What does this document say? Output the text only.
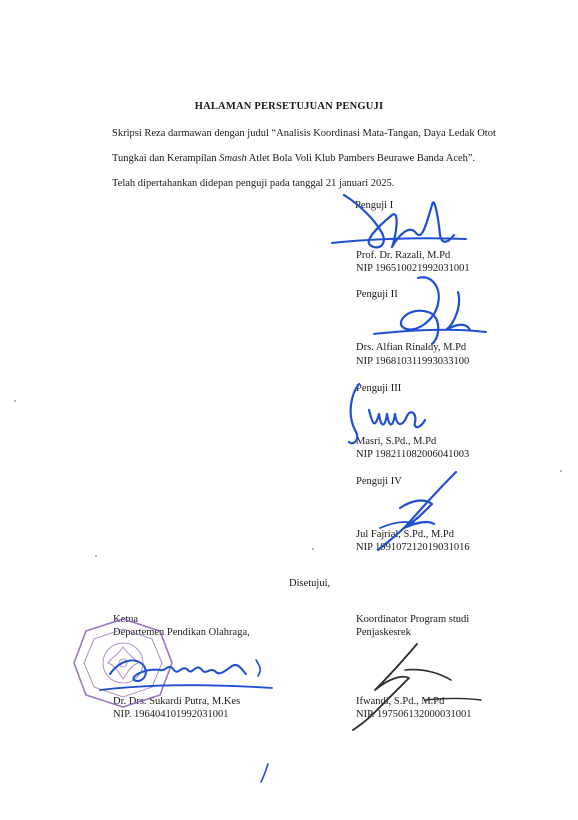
HALAMAN PERSETUJUAN PENGUJI
Skripsi Reza darmawan dengan judul “Analisis Koordinasi Mata-Tangan, Daya Ledak Otot
Tungkai dan Kerampilan Smash Atlet Bola Voli Klub Pambers Beurawe Banda Aceh”.
Telah dipertahankan didepan penguji pada tanggal 21 januari 2025.
Penguji I
Prof. Dr. Razali, M.Pd
NIP 196510021992031001
Penguji II
Drs. Alfian Rinaldy, M.Pd
NIP 196810311993033100
Penguji III
Masri, S.Pd., M.Pd
NIP 198211082006041003
Penguji IV
Jul Fajrial, S.Pd., M.Pd
NIP 199107212019031016
Disetujui,
Ketua
Departemen Pendikan Olahraga,
Dr. Drs. Sukardi Putra, M.Kes
NIP. 196404101992031001
Koordinator Program studi
Penjaskesrek
Ifwandi, S.Pd., M.Pd
NIP. 197506132000031001
